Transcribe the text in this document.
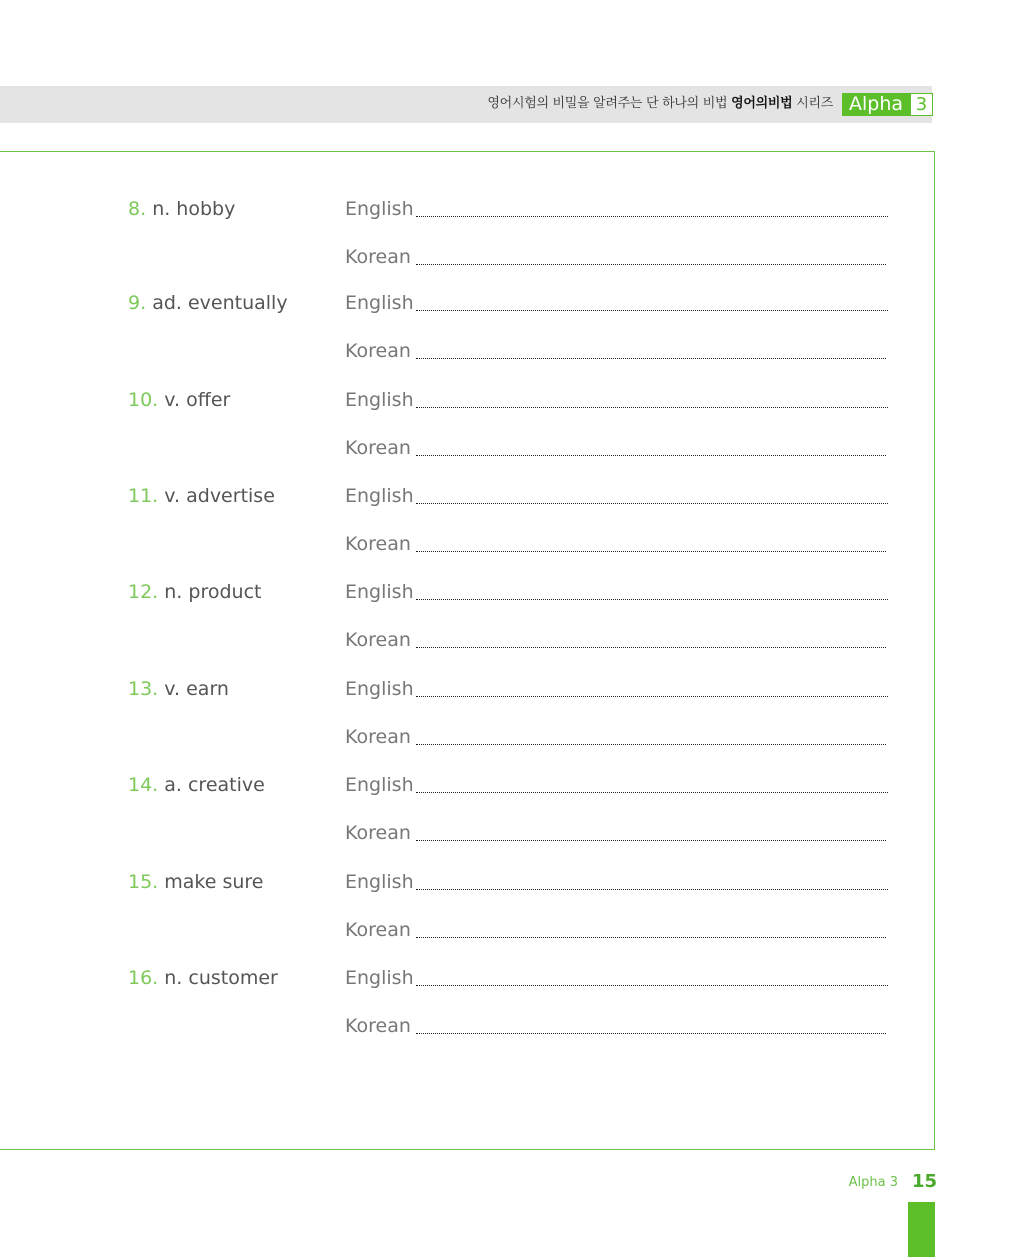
영어시험의 비밀을 알려주는 단 하나의 비법 영어의비법 시리즈 Alpha 3
8. n. hobby	English
Korean
9. ad. eventually	English
Korean
10. v. offer	English
Korean
11. v. advertise	English
Korean
12. n. product	English
Korean
13. v. earn	English
Korean
14. a. creative	English
Korean
15. make sure	English
Korean
16. n. customer	English
Korean
Alpha 3 15
